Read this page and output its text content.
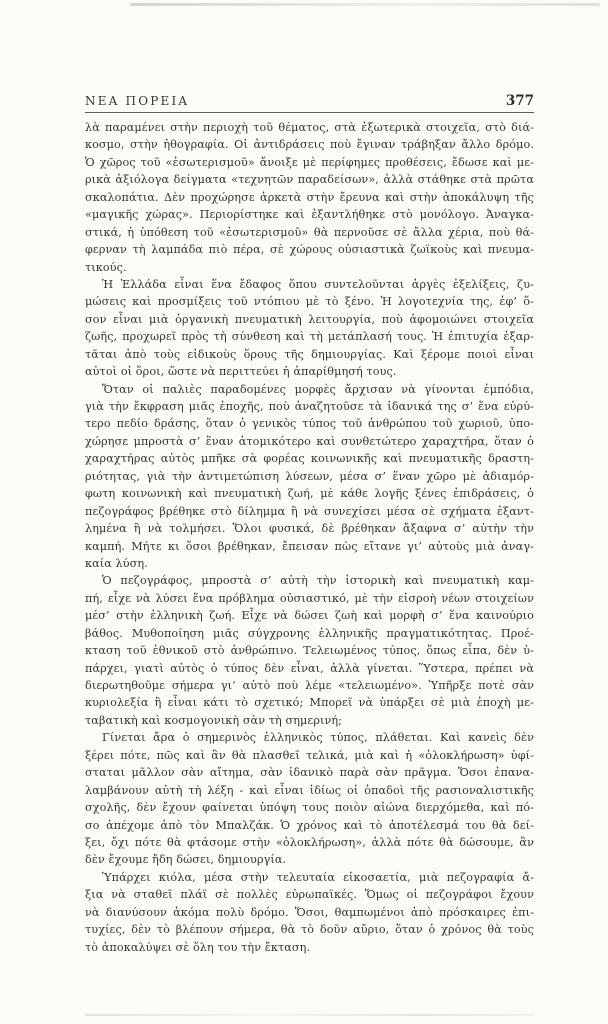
ΝΕΑ ΠΟΡΕΙΑ	377
λὰ παραμένει στὴν περιοχὴ τοῦ θέματος, στὰ ἐξωτερικὰ στοιχεῖα, στὸ διά-
κοσμο, στὴν ἠθογραφία. Οἱ ἀντιδράσεις ποὺ ἔγιναν τράβηξαν ἄλλο δρόμο.
Ὁ χῶρος τοῦ «ἐσωτερισμοῦ» ἄνοιξε μὲ περίφημες προθέσεις, ἔδωσε καὶ με-
ρικὰ ἀξιόλογα δείγματα «τεχνητῶν παραδείσων», ἀλλὰ στάθηκε στὰ πρῶτα
σκαλοπάτια. Δὲν προχώρησε ἀρκετὰ στὴν ἔρευνα καὶ στὴν ἀποκάλυψη τῆς
«μαγικῆς χώρας». Περιορίστηκε καὶ ἐξαντλήθηκε στὸ μονόλογο. Ἀναγκα-
στικά, ἡ ὑπόθεση τοῦ «ἐσωτερισμοῦ» θὰ περνοῦσε σὲ ἄλλα χέρια, ποὺ θά-
φερναν τὴ λαμπάδα πιὸ πέρα, σὲ χώρους οὐσιαστικὰ ζωϊκοὺς καὶ πνευμα-
τικούς.
Ἡ Ἑλλάδα εἶναι ἕνα ἔδαφος ὅπου συντελοῦνται ἀργὲς ἐξελίξεις, ζυ-
μώσεις καὶ προσμίξεις τοῦ ντόπιου μὲ τὸ ξένο. Ἡ λογοτεχνία της, ἐφ’ ὅ-
σον εἶναι μιὰ ὀργανικὴ πνευματικὴ λειτουργία, ποὺ ἀφομοιώνει στοιχεῖα
ζωῆς, προχωρεῖ πρὸς τὴ σύνθεση καὶ τὴ μετάπλασή τους. Ἡ ἐπιτυχία ἐξαρ-
τᾶται ἀπὸ τοὺς εἰδικοὺς ὅρους τῆς δημιουργίας. Καὶ ξέρομε ποιοὶ εἶναι
αὐτοὶ οἱ ὅροι, ὥστε νὰ περιττεύει ἡ ἀπαρίθμησή τους.
Ὅταν οἱ παλιὲς παραδομένες μορφὲς ἄρχισαν νὰ γίνονται ἐμπόδια,
γιὰ τὴν ἔκφραση μιᾶς ἐποχῆς, ποὺ ἀναζητοῦσε τὰ ἰδανικά της σ’ ἕνα εὐρύ-
τερο πεδίο δράσης, ὅταν ὁ γενικὸς τύπος τοῦ ἀνθρώπου τοῦ χωριοῦ, ὑπο-
χώρησε μπροστὰ σ’ ἕναν ἀτομικότερο καὶ συνθετώτερο χαραχτήρα, ὅταν ὁ
χαραχτήρας αὐτὸς μπῆκε σὰ φορέας κοινωνικῆς καὶ πνευματικῆς δραστη-
ριότητας, γιὰ τὴν ἀντιμετώπιση λύσεων, μέσα σ’ ἕναν χῶρο μὲ ἀδιαμόρ-
φωτη κοινωνικὴ καὶ πνευματικὴ ζωή, μὲ κάθε λογῆς ξένες ἐπιδράσεις, ὁ
πεζογράφος βρέθηκε στὸ δίλημμα ἢ νὰ συνεχίσει μέσα σὲ σχήματα ἐξαντ-
λημένα ἢ νὰ τολμήσει. Ὅλοι φυσικά, δὲ βρέθηκαν ἄξαφνα σ’ αὐτὴν τὴν
καμπή. Μήτε κι ὅσοι βρέθηκαν, ἔπεισαν πὼς εἴτανε γι’ αὐτοὺς μιὰ ἀναγ-
καία λύση.
Ὁ πεζογράφος, μπροστὰ σ’ αὐτὴ τὴν ἱστορικὴ καὶ πνευματικὴ καμ-
πή, εἶχε νὰ λύσει ἕνα πρόβλημα οὐσιαστικό, μὲ τὴν εἰσροὴ νέων στοιχείων
μέσ’ στὴν ἑλληνικὴ ζωή. Εἶχε νὰ δώσει ζωὴ καὶ μορφὴ σ’ ἕνα καινούριο
βάθος. Μυθοποίηση μιᾶς σύγχρονης ἑλληνικῆς πραγματικότητας. Προέ-
κταση τοῦ ἐθνικοῦ στὸ ἀνθρώπινο. Τελειωμένος τύπος, ὅπως εἶπα, δὲν ὑ-
πάρχει, γιατὶ αὐτὸς ὁ τύπος δὲν εἶναι, ἀλλὰ γίνεται. Ὕστερα, πρέπει νὰ
διερωτηθοῦμε σήμερα γι’ αὐτὸ ποὺ λέμε «τελειωμένο». Ὑπῆρξε ποτὲ σὰν
κυριολεξία ἢ εἶναι κάτι τὸ σχετικό; Μπορεῖ νὰ ὑπάρξει σὲ μιὰ ἐποχὴ με-
ταβατικὴ καὶ κοσμογονικὴ σὰν τὴ σημερινή;
Γίνεται ἄρα ὁ σημερινὸς ἑλληνικὸς τύπος, πλάθεται. Καὶ κανεὶς δὲν
ξέρει πότε, πῶς καὶ ἂν θὰ πλασθεῖ τελικά, μιὰ καὶ ἡ «ὁλοκλήρωση» ὑφί-
σταται μᾶλλον σὰν αἴτημα, σὰν ἰδανικὸ παρὰ σὰν πρᾶγμα. Ὅσοι ἐπανα-
λαμβάνουν αὐτὴ τὴ λέξη - καὶ εἶναι ἰδίως οἱ ὀπαδοὶ τῆς ρασιοναλιστικῆς
σχολῆς, δὲν ἔχουν φαίνεται ὑπόψη τους ποιὸν αἰώνα διερχόμεθα, καὶ πό-
σο ἀπέχομε ἀπὸ τὸν Μπαλζάκ. Ὁ χρόνος καὶ τὸ ἀποτέλεσμά του θὰ δεί-
ξει, ὄχι πότε θὰ φτάσομε στὴν «ὁλοκλήρωση», ἀλλὰ πότε θὰ δώσουμε, ἂν
δὲν ἔχουμε ἤδη δώσει, δημιουργία.
Ὑπάρχει κιόλα, μέσα στὴν τελευταία εἰκοσαετία, μιὰ πεζογραφία ἄ-
ξια νὰ σταθεῖ πλάϊ σὲ πολλὲς εὐρωπαϊκές. Ὅμως οἱ πεζογράφοι ἔχουν
νὰ διανύσουν ἀκόμα πολὺ δρόμο. Ὅσοι, θαμπωμένοι ἀπὸ πρόσκαιρες ἐπι-
τυχίες, δὲν τὸ βλέπουν σήμερα, θὰ τὸ δοῦν αὔριο, ὅταν ὁ χρόνος θὰ τοὺς
τὸ ἀποκαλύψει σὲ ὅλη του τὴν ἔκταση.
